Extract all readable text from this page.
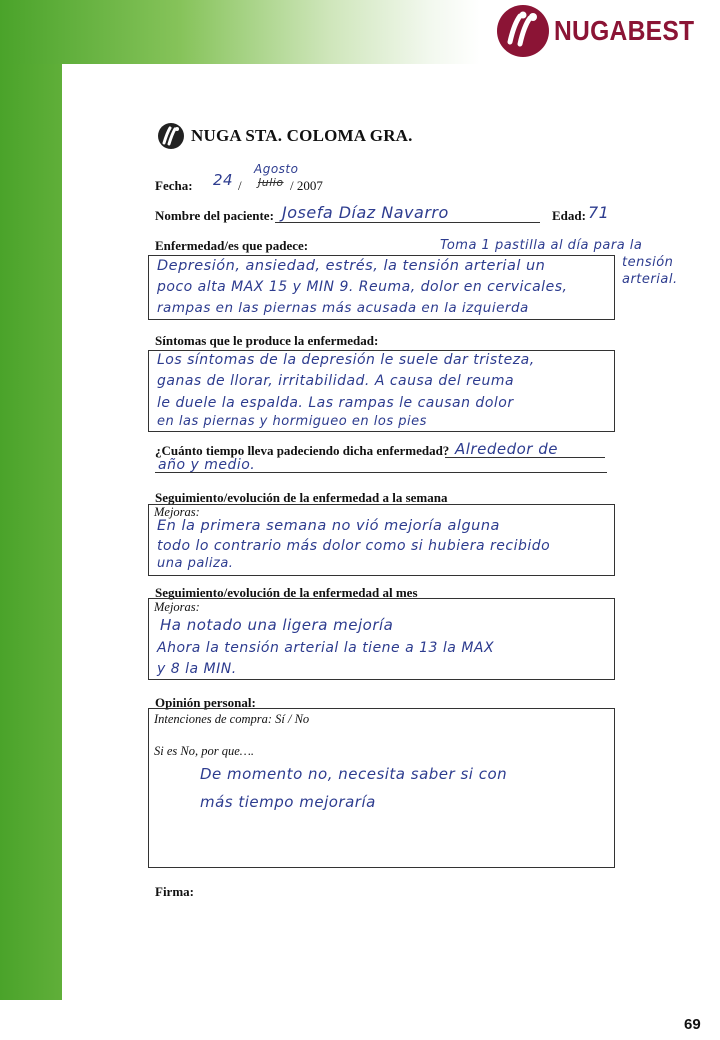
NUGABEST
NUGA STA. COLOMA GRA.
Fecha: 24 /
Agosto
Julio / 2007
Nombre del paciente: Josefa Díaz Navarro	Edad: 71
Enfermedad/es que padece:	Toma 1 pastilla al día para la
tensión
arterial.
Depresión, ansiedad, estrés, la tensión arterial un
poco alta MAX 15 y MIN 9. Reuma, dolor en cervicales,
rampas en las piernas más acusada en la izquierda
Síntomas que le produce la enfermedad:
Los síntomas de la depresión le suele dar tristeza,
ganas de llorar, irritabilidad. A causa del reuma
le duele la espalda. Las rampas le causan dolor
en las piernas y hormigueo en los pies
¿Cuánto tiempo lleva padeciendo dicha enfermedad? Alrededor de
año y medio.
Seguimiento/evolución de la enfermedad a la semana
Mejoras:
En la primera semana no vió mejoría alguna
todo lo contrario más dolor como si hubiera recibido
una paliza.
Seguimiento/evolución de la enfermedad al mes
Mejoras:
Ha notado una ligera mejoría
Ahora la tensión arterial la tiene a 13 la MAX
y 8 la MIN.
Opinión personal:
Intenciones de compra: Sí / No
Si es No, por que….
De momento no, necesita saber si con
más tiempo mejoraría
Firma:
69
